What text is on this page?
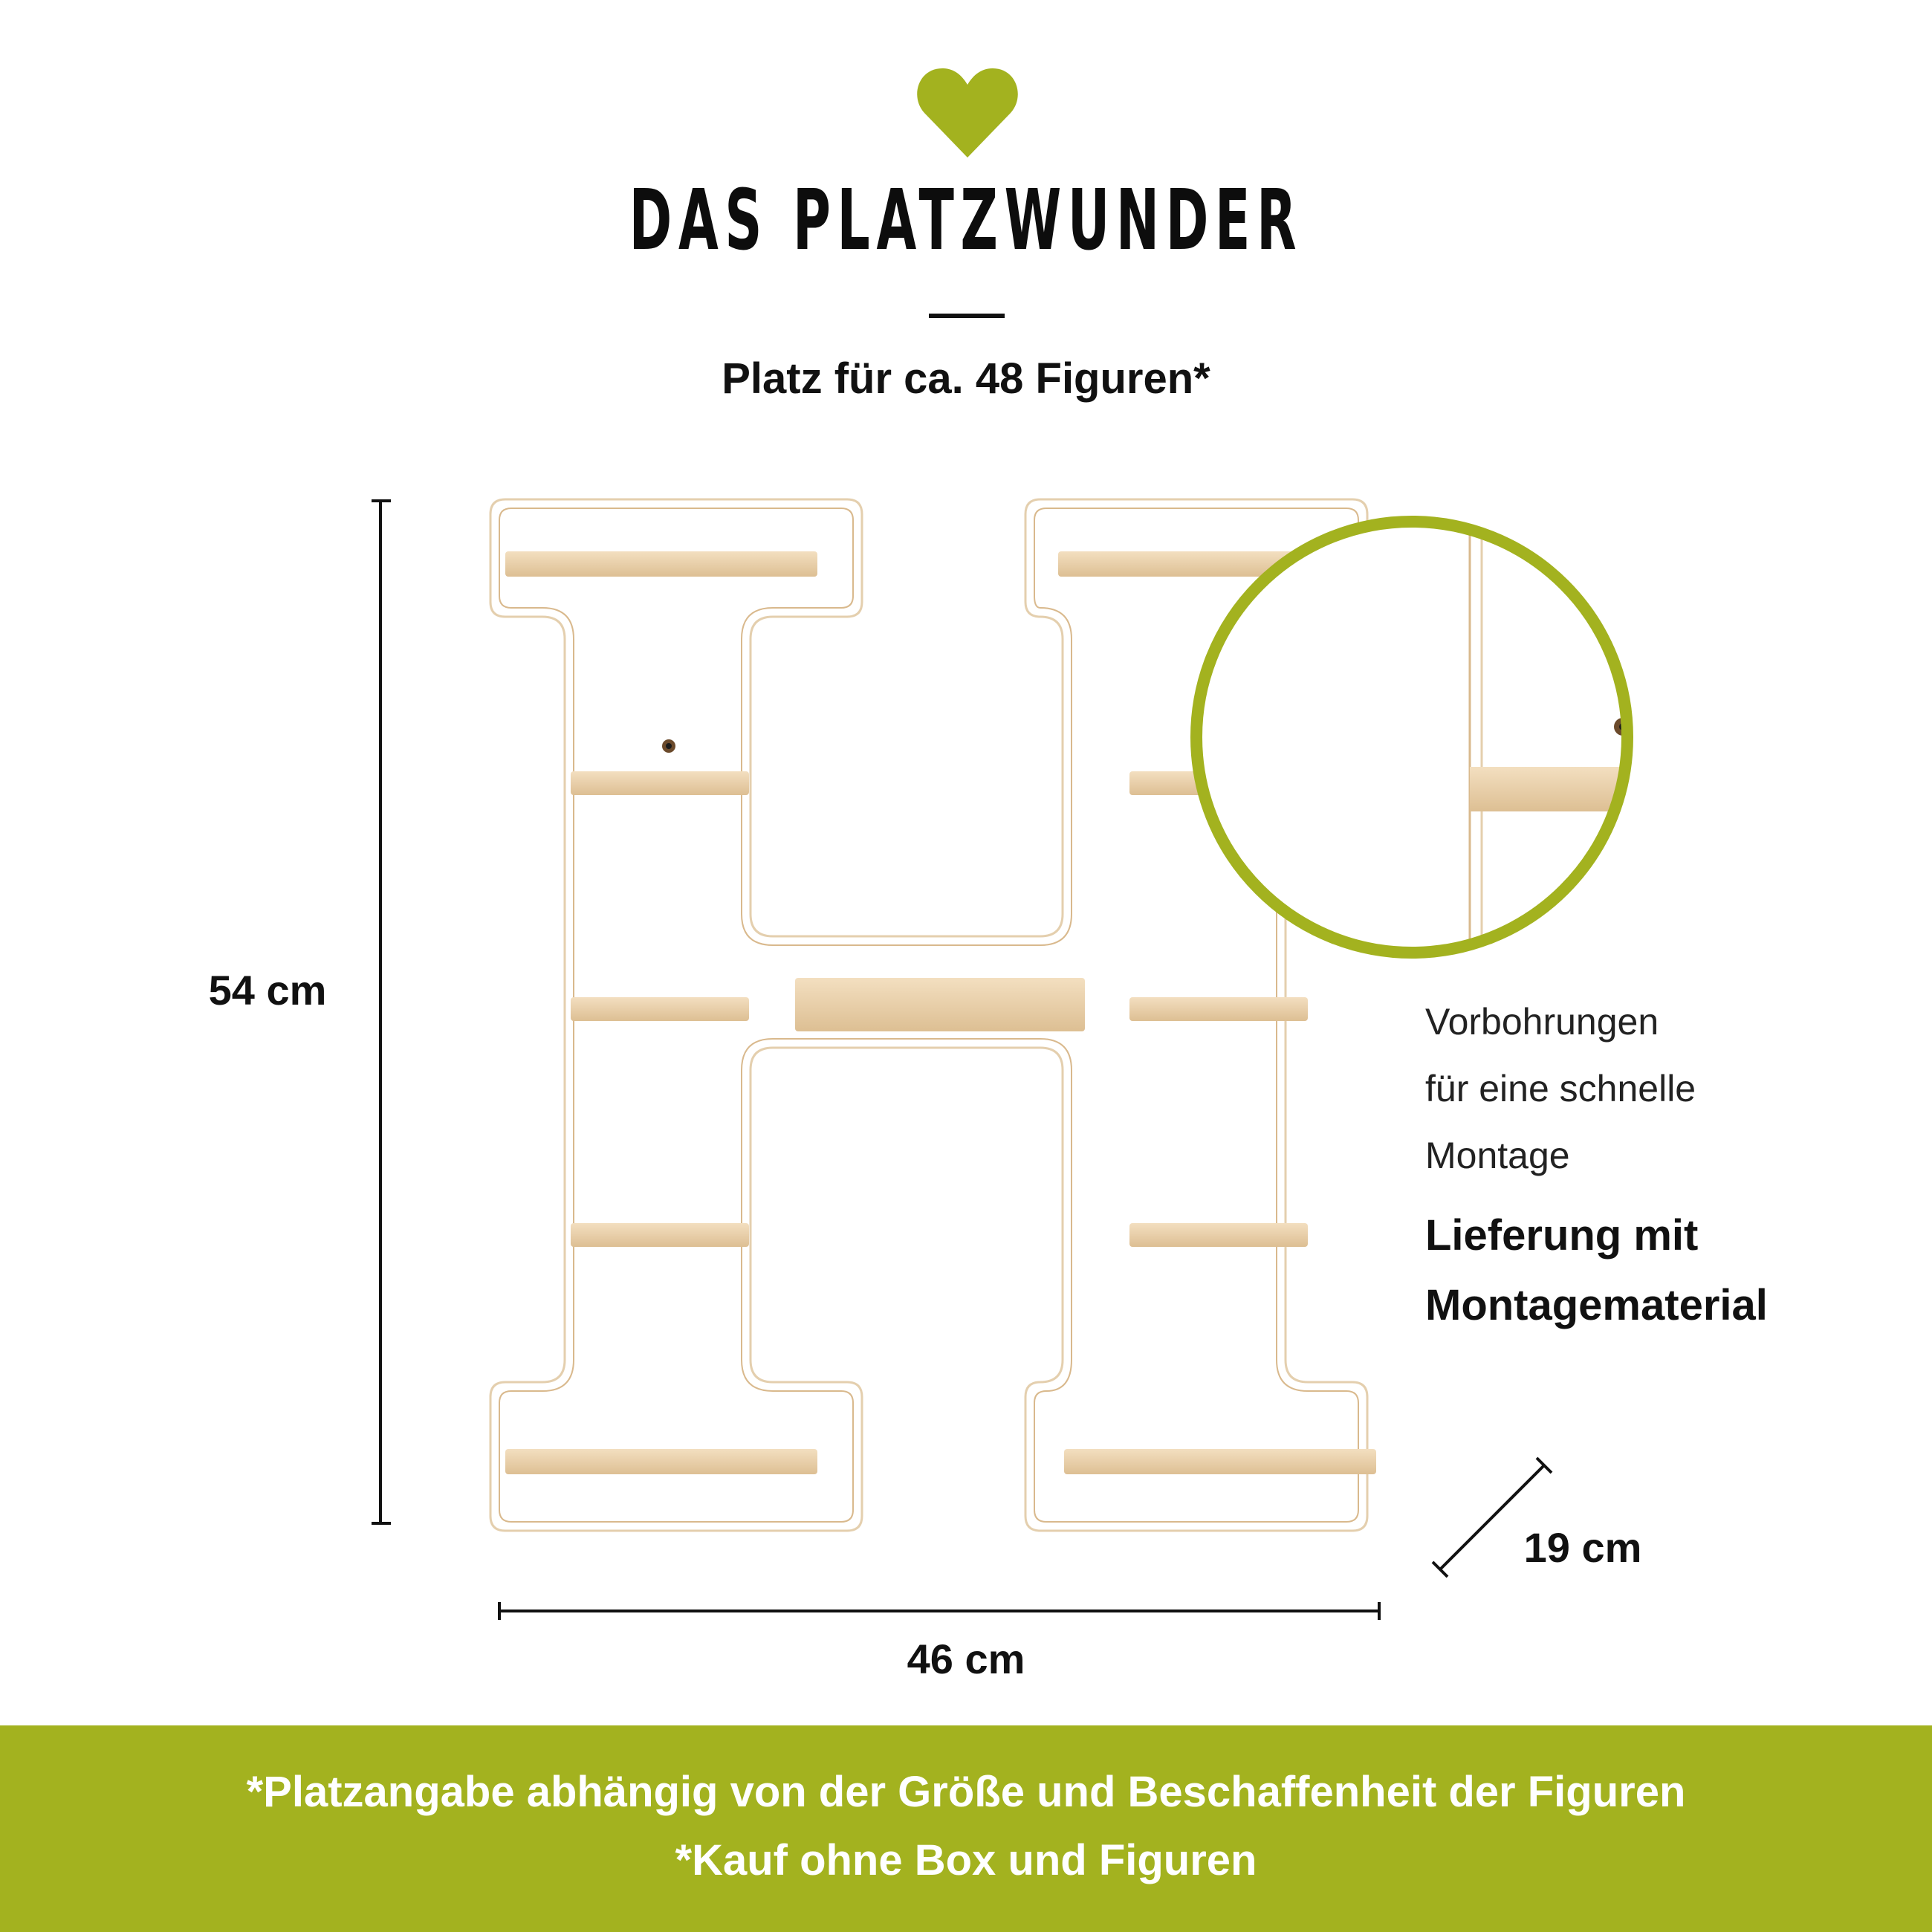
DAS PLATZWUNDER
Platz für ca. 48 Figuren*
54 cm
46 cm
19 cm
Vorbohrungen
für eine schnelle
Montage
Lieferung mit
Montagematerial
*Platzangabe abhängig von der Größe und Beschaffenheit der Figuren
*Kauf ohne Box und Figuren
